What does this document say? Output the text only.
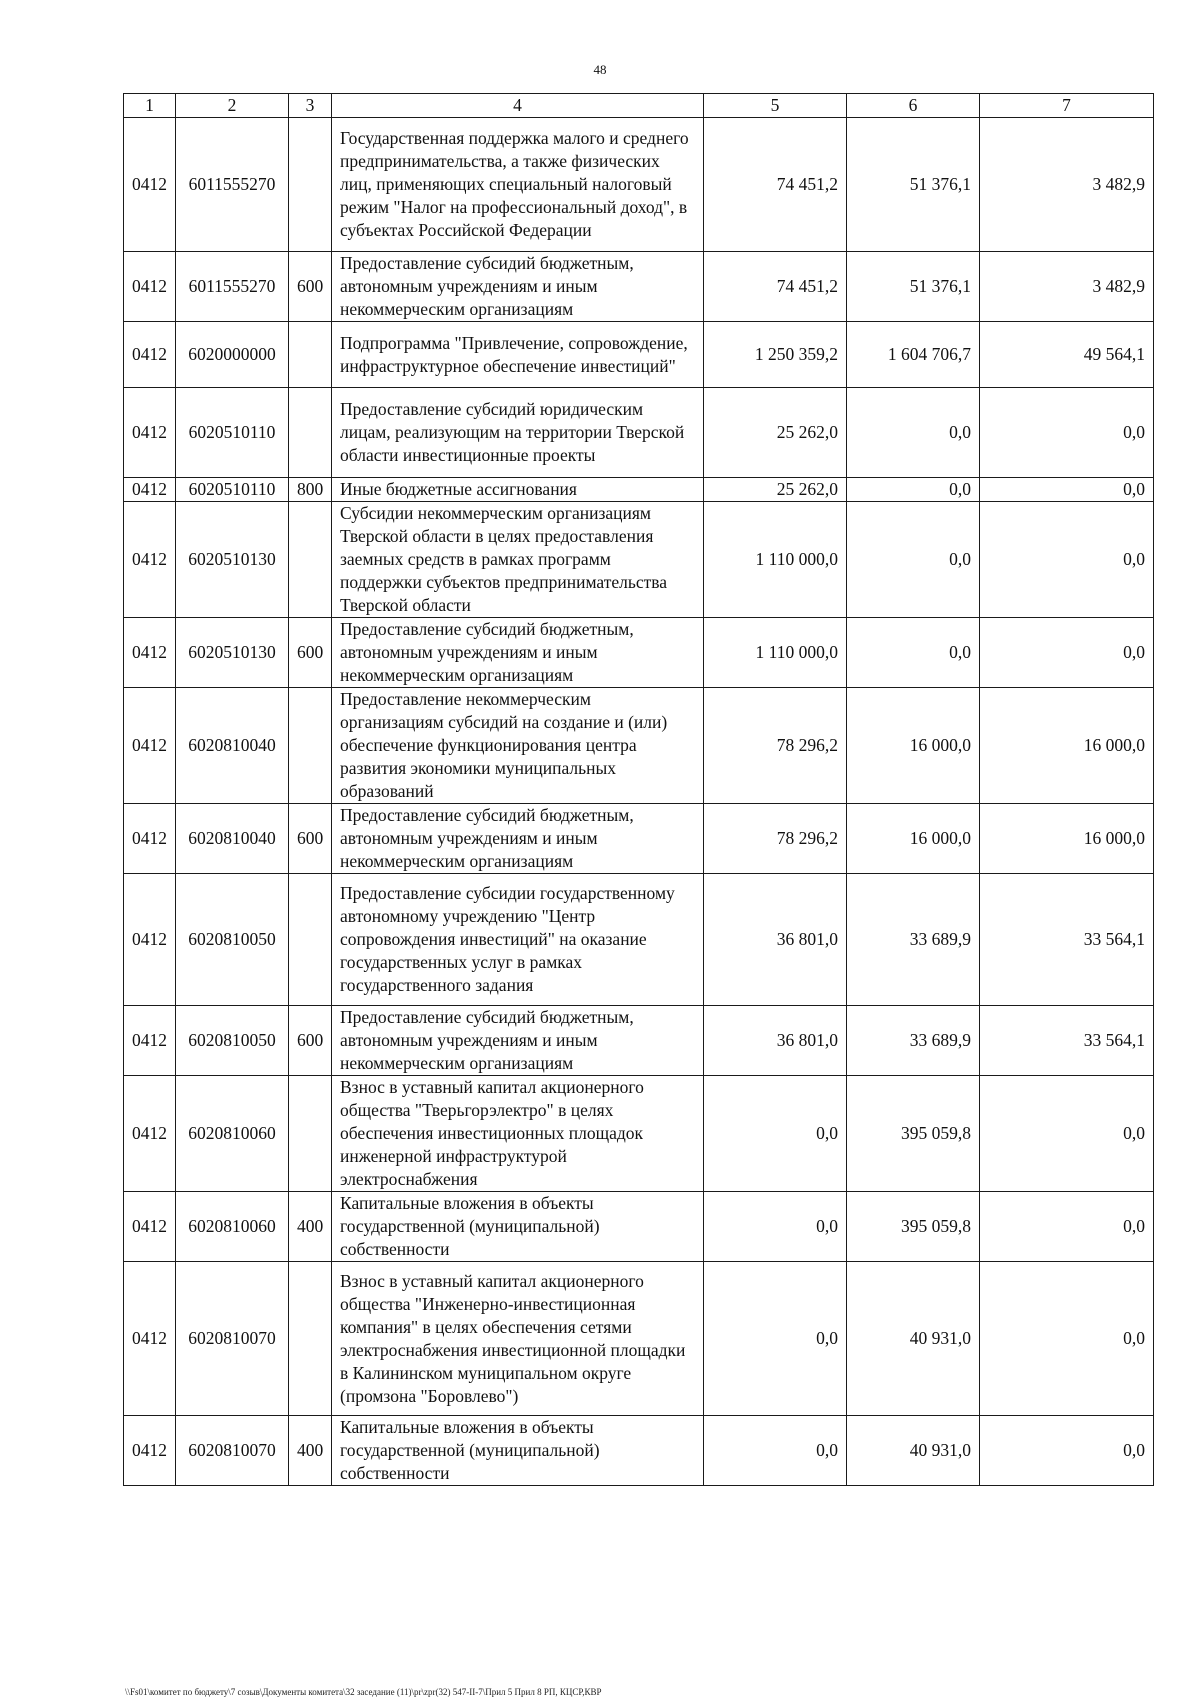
48
1	2	3	4	5	6	7
0412	6011555270		Государственная поддержка малого и среднего предпринимательства, а также физических лиц, применяющих специальный налоговый режим "Налог на профессиональный доход", в субъектах Российской Федерации	74 451,2	51 376,1	3 482,9
0412	6011555270	600	Предоставление субсидий бюджетным, автономным учреждениям и иным некоммерческим организациям	74 451,2	51 376,1	3 482,9
0412	6020000000		Подпрограмма "Привлечение, сопровождение, инфраструктурное обеспечение инвестиций"	1 250 359,2	1 604 706,7	49 564,1
0412	6020510110		Предоставление субсидий юридическим лицам, реализующим на территории Тверской области инвестиционные проекты	25 262,0	0,0	0,0
0412	6020510110	800	Иные бюджетные ассигнования	25 262,0	0,0	0,0
0412	6020510130		Субсидии некоммерческим организациям Тверской области в целях предоставления заемных средств в рамках программ поддержки субъектов предпринимательства Тверской области	1 110 000,0	0,0	0,0
0412	6020510130	600	Предоставление субсидий бюджетным, автономным учреждениям и иным некоммерческим организациям	1 110 000,0	0,0	0,0
0412	6020810040		Предоставление некоммерческим организациям субсидий на создание и (или) обеспечение функционирования центра развития экономики муниципальных образований	78 296,2	16 000,0	16 000,0
0412	6020810040	600	Предоставление субсидий бюджетным, автономным учреждениям и иным некоммерческим организациям	78 296,2	16 000,0	16 000,0
0412	6020810050		Предоставление субсидии государственному автономному учреждению "Центр сопровождения инвестиций" на оказание государственных услуг в рамках государственного задания	36 801,0	33 689,9	33 564,1
0412	6020810050	600	Предоставление субсидий бюджетным, автономным учреждениям и иным некоммерческим организациям	36 801,0	33 689,9	33 564,1
0412	6020810060		Взнос в уставный капитал акционерного общества "Тверьгорэлектро" в целях обеспечения инвестиционных площадок инженерной инфраструктурой электроснабжения	0,0	395 059,8	0,0
0412	6020810060	400	Капитальные вложения в объекты государственной (муниципальной) собственности	0,0	395 059,8	0,0
0412	6020810070		Взнос в уставный капитал акционерного общества "Инженерно-инвестиционная компания" в целях обеспечения сетями электроснабжения инвестиционной площадки в Калининском муниципальном округе (промзона "Боровлево")	0,0	40 931,0	0,0
0412	6020810070	400	Капитальные вложения в объекты государственной (муниципальной) собственности	0,0	40 931,0	0,0
\\Fs01\комитет по бюджету\7 созыв\Документы комитета\32 заседание (11)\pr\zpr(32) 547-II-7\Прил 5 Прил 8 РП, КЦСР,КВР
